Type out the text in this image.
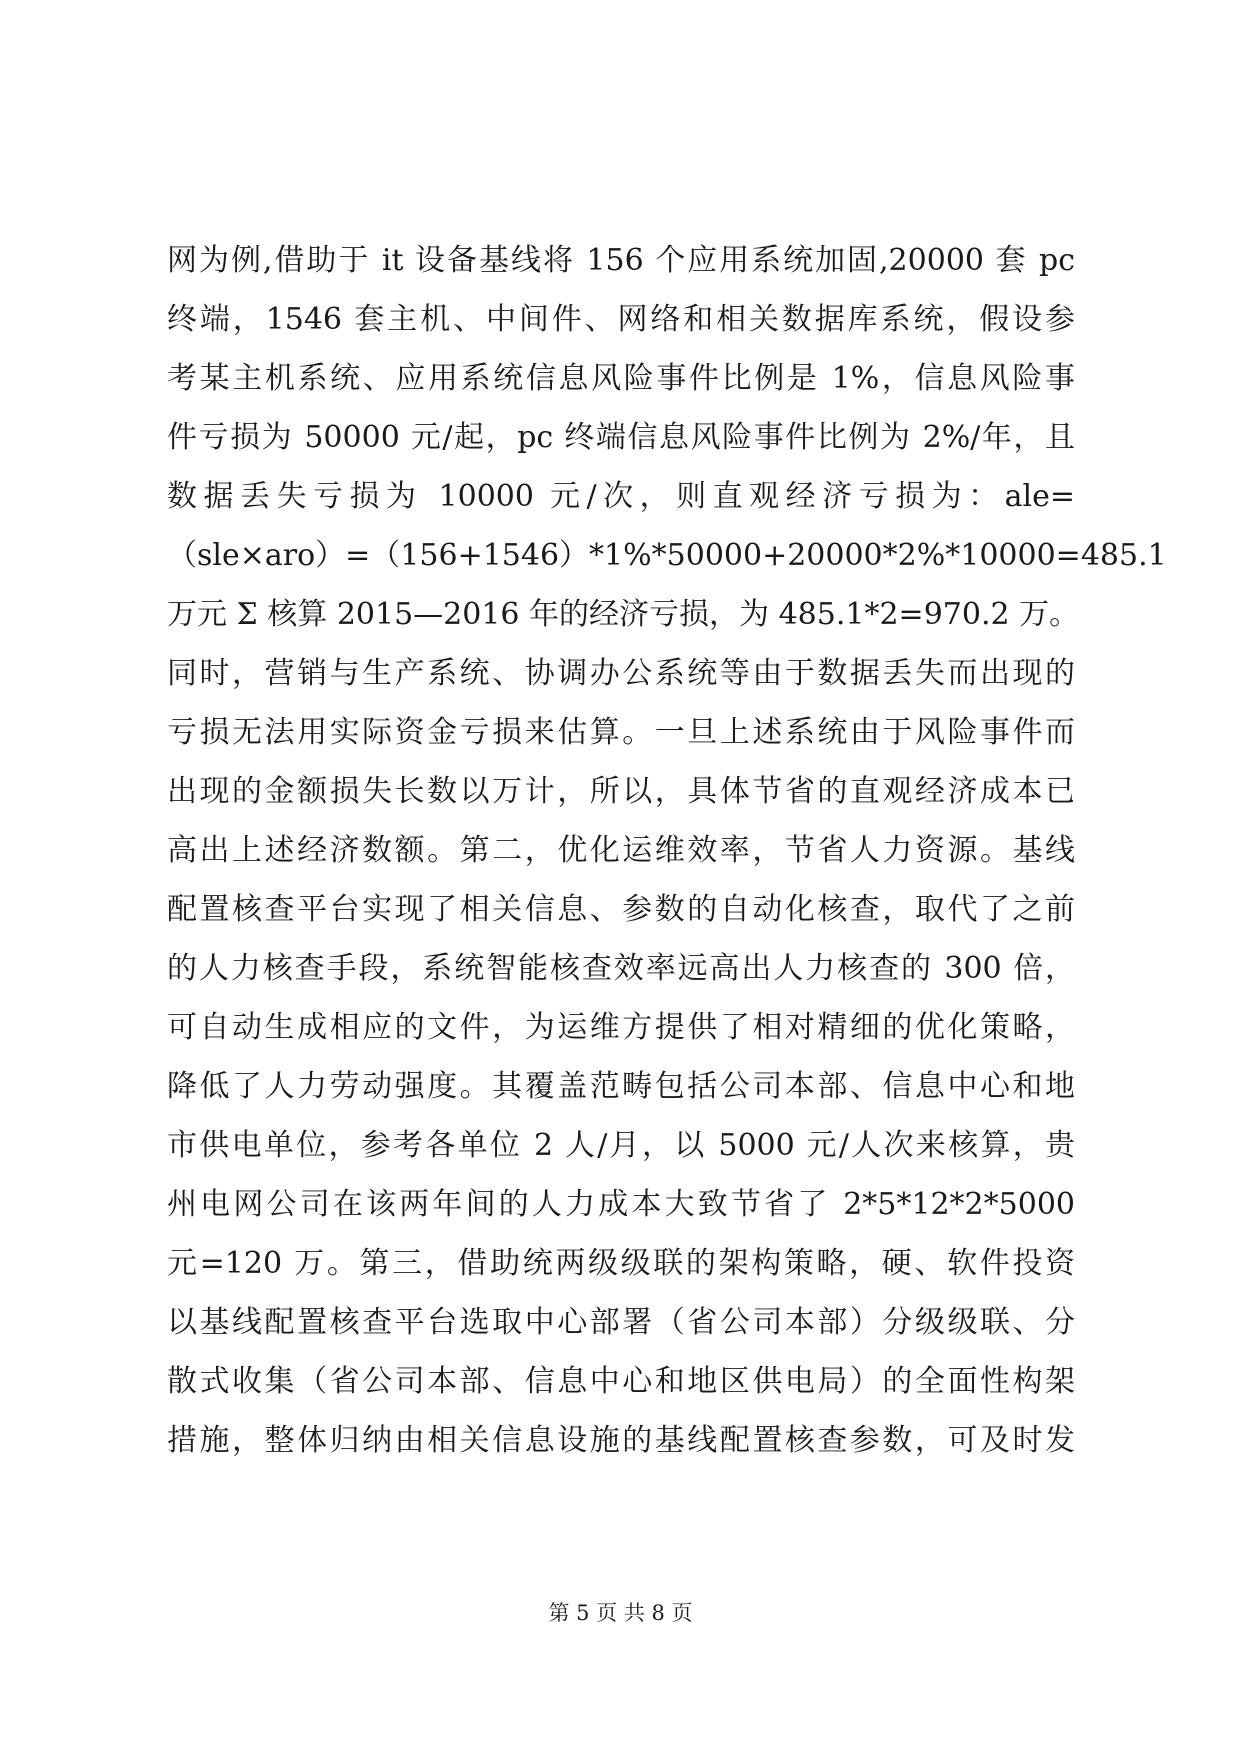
网为例,借助于 it 设备基线将 156 个应用系统加固,20000 套 pc
终端，1546 套主机、中间件、网络和相关数据库系统，假设参
考某主机系统、应用系统信息风险事件比例是 1%，信息风险事
件亏损为 50000 元/起，pc 终端信息风险事件比例为 2%/年，且
数据丢失亏损为 10000 元/次，则直观经济亏损为：ale=
（sle×aro）=（156+1546）*1%*50000+20000*2%*10000=485.1
万元 Σ 核算 2015—2016 年的经济亏损，为 485.1*2=970.2 万。
同时，营销与生产系统、协调办公系统等由于数据丢失而出现的
亏损无法用实际资金亏损来估算。一旦上述系统由于风险事件而
出现的金额损失长数以万计，所以，具体节省的直观经济成本已
高出上述经济数额。第二，优化运维效率，节省人力资源。基线
配置核查平台实现了相关信息、参数的自动化核查，取代了之前
的人力核查手段，系统智能核查效率远高出人力核查的 300 倍，
可自动生成相应的文件，为运维方提供了相对精细的优化策略，
降低了人力劳动强度。其覆盖范畴包括公司本部、信息中心和地
市供电单位，参考各单位 2 人/月，以 5000 元/人次来核算，贵
州电网公司在该两年间的人力成本大致节省了 2*5*12*2*5000
元=120 万。第三，借助统两级级联的架构策略，硬、软件投资
以基线配置核查平台选取中心部署（省公司本部）分级级联、分
散式收集（省公司本部、信息中心和地区供电局）的全面性构架
措施，整体归纳由相关信息设施的基线配置核查参数，可及时发
第 5 页 共 8 页
